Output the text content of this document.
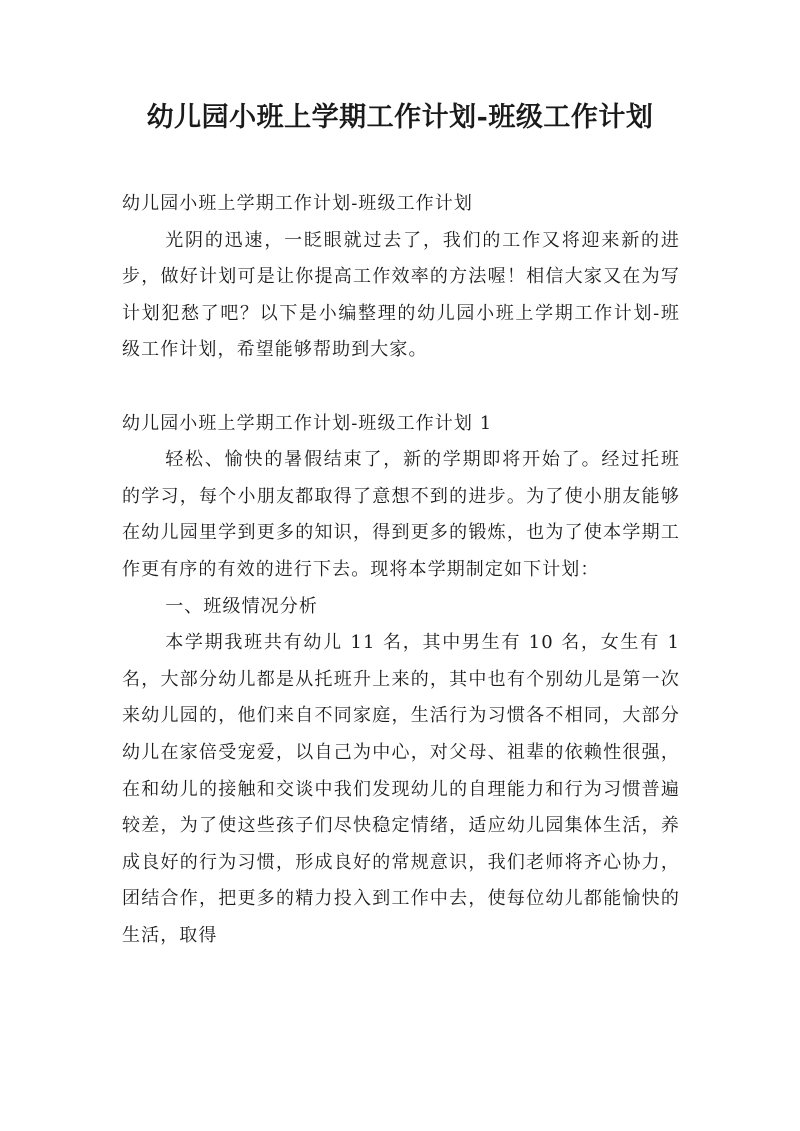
幼儿园小班上学期工作计划-班级工作计划

幼儿园小班上学期工作计划-班级工作计划

光阴的迅速，一眨眼就过去了，我们的工作又将迎来新的进步，做好计划可是让你提高工作效率的方法喔！相信大家又在为写计划犯愁了吧？以下是小编整理的幼儿园小班上学期工作计划-班级工作计划，希望能够帮助到大家。

幼儿园小班上学期工作计划-班级工作计划 1

轻松、愉快的暑假结束了，新的学期即将开始了。经过托班的学习，每个小朋友都取得了意想不到的进步。为了使小朋友能够在幼儿园里学到更多的知识，得到更多的锻炼，也为了使本学期工作更有序的有效的进行下去。现将本学期制定如下计划：

一、班级情况分析

本学期我班共有幼儿 11 名，其中男生有 10 名，女生有 1 名，大部分幼儿都是从托班升上来的，其中也有个别幼儿是第一次来幼儿园的，他们来自不同家庭，生活行为习惯各不相同，大部分幼儿在家倍受宠爱，以自己为中心，对父母、祖辈的依赖性很强，在和幼儿的接触和交谈中我们发现幼儿的自理能力和行为习惯普遍较差，为了使这些孩子们尽快稳定情绪，适应幼儿园集体生活，养成良好的行为习惯，形成良好的常规意识，我们老师将齐心协力，团结合作，把更多的精力投入到工作中去，使每位幼儿都能愉快的生活，取得
